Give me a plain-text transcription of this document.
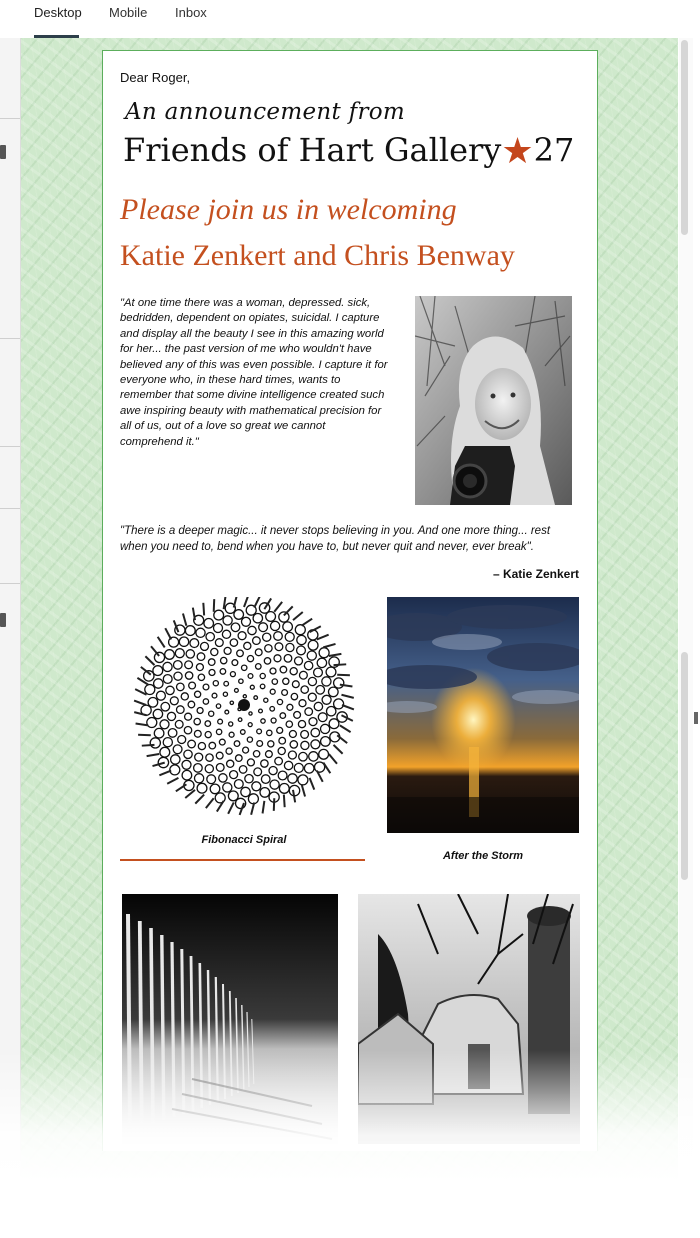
Desktop Mobile Inbox
Dear Roger,
An announcement from
Friends of Hart Gallery★27
Please join us in welcoming
Katie Zenkert and Chris Benway
"At one time there was a woman, depressed. sick, bedridden, dependent on opiates, suicidal. I capture and display all the beauty I see in this amazing world for her... the past version of me who wouldn't have believed any of this was even possible. I capture it for everyone who, in these hard times, wants to remember that some divine intelligence created such awe inspiring beauty with mathematical precision for all of us, out of a love so great we cannot comprehend it."
"There is a deeper magic... it never stops believing in you. And one more thing... rest when you need to, bend when you have to, but never quit and never, ever break".
– Katie Zenkert
Fibonacci Spiral
After the Storm
